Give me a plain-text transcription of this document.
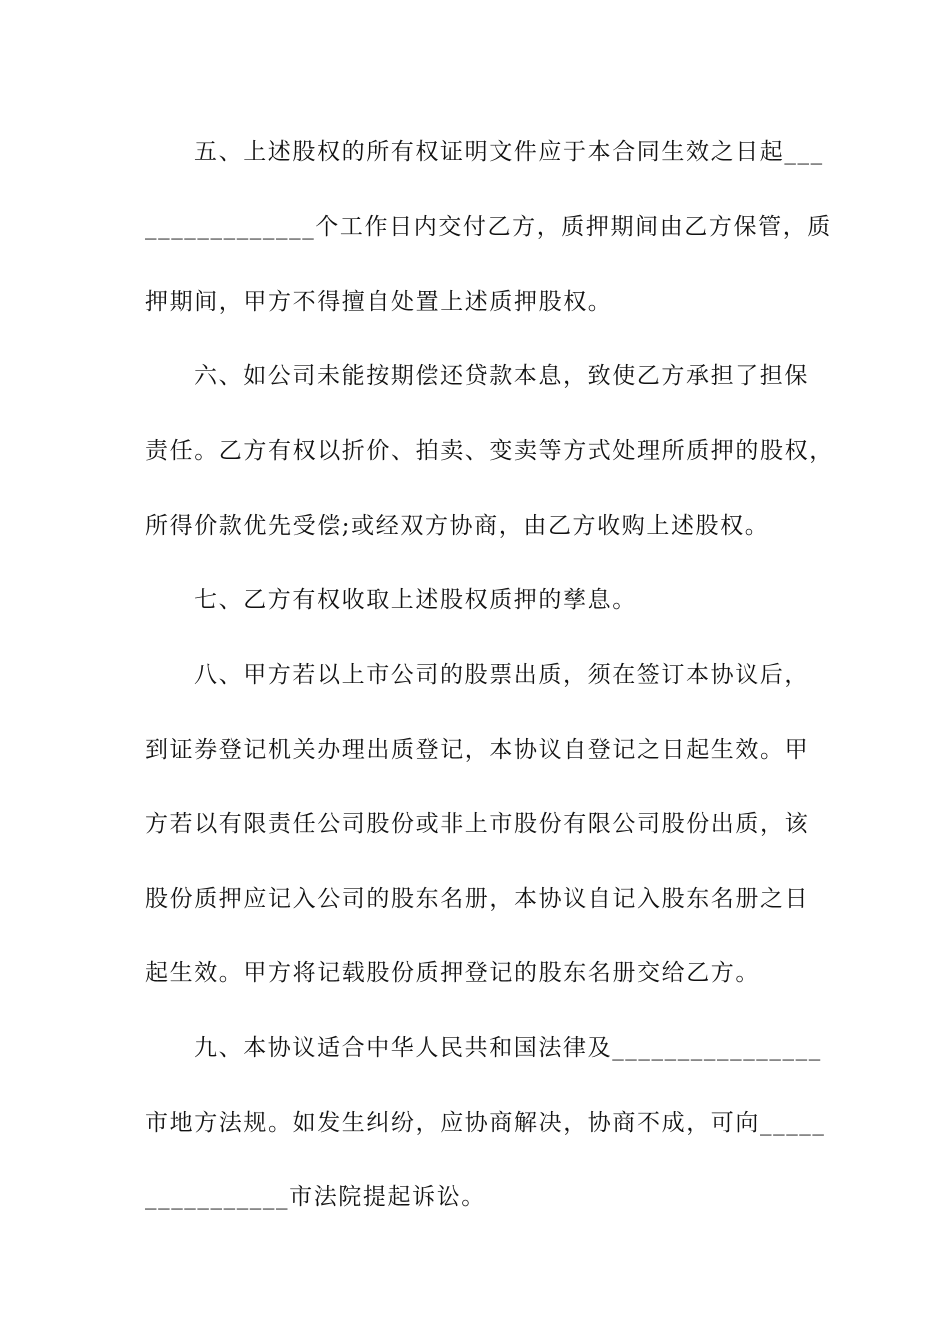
五、上述股权的所有权证明文件应于本合同生效之日起___
_____________个工作日内交付乙方，质押期间由乙方保管，质
押期间，甲方不得擅自处置上述质押股权。
六、如公司未能按期偿还贷款本息，致使乙方承担了担保
责任。乙方有权以折价、拍卖、变卖等方式处理所质押的股权，
所得价款优先受偿;或经双方协商，由乙方收购上述股权。
七、乙方有权收取上述股权质押的孳息。
八、甲方若以上市公司的股票出质，须在签订本协议后，
到证券登记机关办理出质登记，本协议自登记之日起生效。甲
方若以有限责任公司股份或非上市股份有限公司股份出质，该
股份质押应记入公司的股东名册，本协议自记入股东名册之日
起生效。甲方将记载股份质押登记的股东名册交给乙方。
九、本协议适合中华人民共和国法律及________________
市地方法规。如发生纠纷，应协商解决，协商不成，可向_____
___________市法院提起诉讼。
